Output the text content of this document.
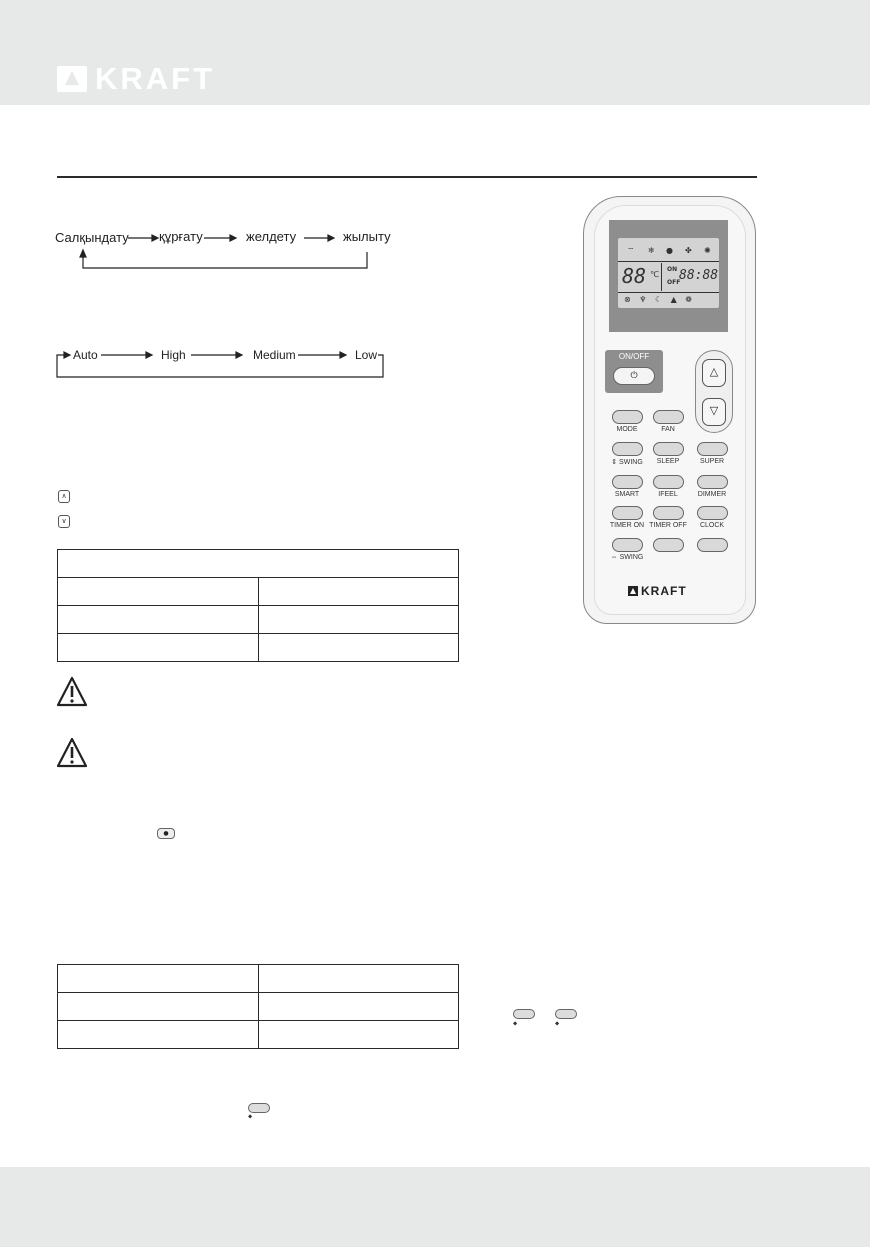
KRAFT
Салқындату құрғату	желдету	жылыту
Auto	High	Medium	Low
∧
∨

●

⬥
⬥	⬥
⌔ ❄ ● ✤ ✺
88 ℃
ON
OFF
88:88
⊗ ♆ ☾ ▲ ❁
ON/OFF
⏻	△
▽
MODE	FAN
⇕ SWING	SLEEP	SUPER
SMART	IFEEL	DIMMER
TIMER ON TIMER OFF	CLOCK
⇔ SWING
KRAFT
